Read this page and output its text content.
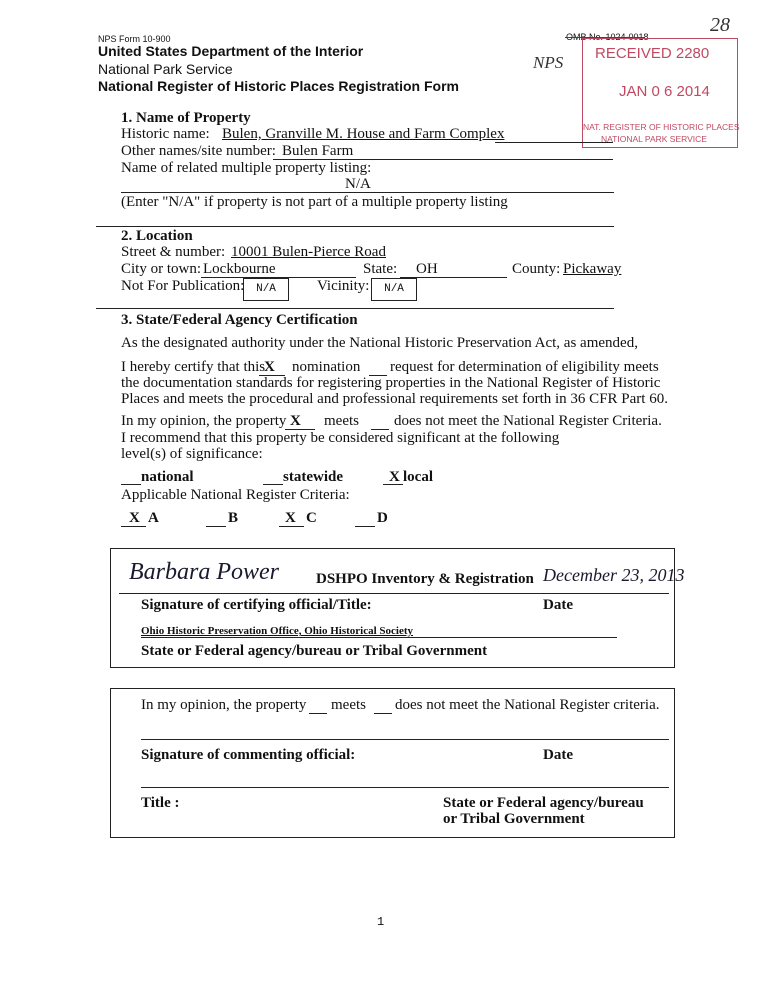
NPS Form 10-900
United States Department of the Interior
National Park Service
National Register of Historic Places Registration Form
OMB No. 1024-0018
NPS
28
RECEIVED 2280
JAN 0 6 2014
NAT. REGISTER OF HISTORIC PLACES
NATIONAL PARK SERVICE
1. Name of Property
Historic name: Bulen, Granville M. House and Farm Complex
Other names/site number: Bulen Farm
Name of related multiple property listing:
N/A
(Enter "N/A" if property is not part of a multiple property listing
2. Location
Street & number: 10001 Bulen-Pierce Road
City or town: Lockbourne	State: OH	County: Pickaway
Not For Publication:	N/A	Vicinity:	N/A
3. State/Federal Agency Certification
As the designated authority under the National Historic Preservation Act, as amended,
I hereby certify that this
X nomination request for determination of eligibility meets
the documentation standards for registering properties in the National Register of Historic
Places and meets the procedural and professional requirements set forth in 36 CFR Part 60.
In my opinion, the property X meets does not meet the National Register Criteria.
I recommend that this property be considered significant at the following
level(s) of significance:
national	statewide	X local
Applicable National Register Criteria:
X A	B	X C	D
Barbara Power DSHPO Inventory & Registration December 23, 2013
Signature of certifying official/Title:	Date
Ohio Historic Preservation Office, Ohio Historical Society
State or Federal agency/bureau or Tribal Government
In my opinion, the property meets does not meet the National Register criteria.
Signature of commenting official:	Date
Title :	State or Federal agency/bureau
or Tribal Government
1
